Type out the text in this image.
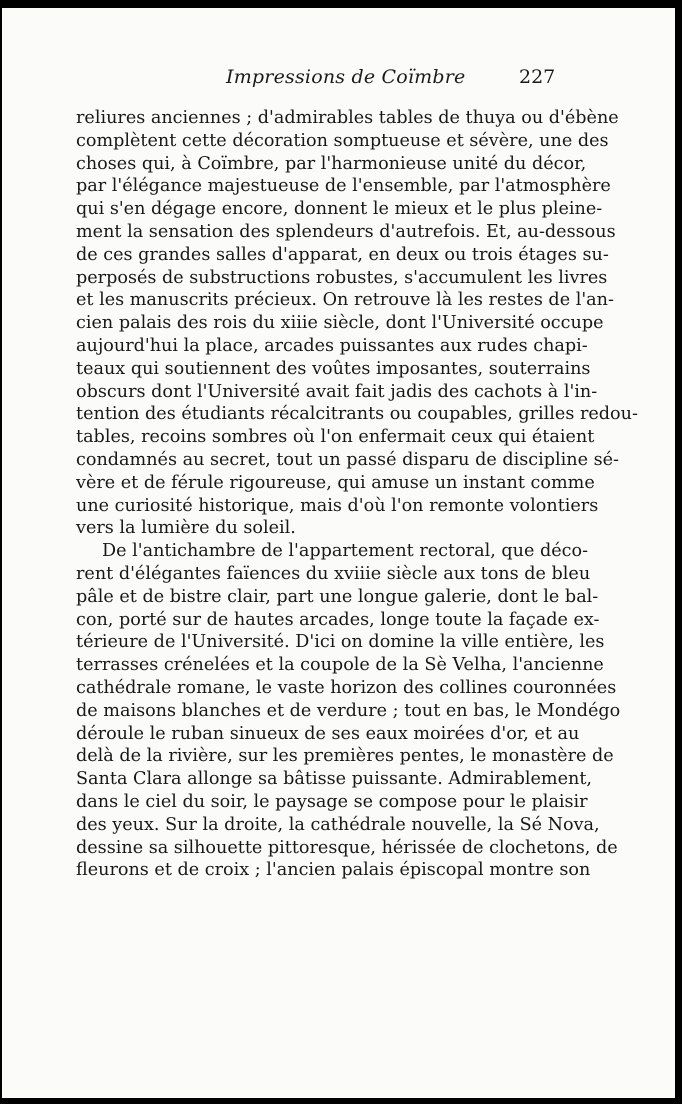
Impressions de Coïmbre	227
reliures anciennes ; d'admirables tables de thuya ou d'ébène
complètent cette décoration somptueuse et sévère, une des
choses qui, à Coïmbre, par l'harmonieuse unité du décor,
par l'élégance majestueuse de l'ensemble, par l'atmosphère
qui s'en dégage encore, donnent le mieux et le plus pleine-
ment la sensation des splendeurs d'autrefois. Et, au-dessous
de ces grandes salles d'apparat, en deux ou trois étages su-
perposés de substructions robustes, s'accumulent les livres
et les manuscrits précieux. On retrouve là les restes de l'an-
cien palais des rois du xiiie siècle, dont l'Université occupe
aujourd'hui la place, arcades puissantes aux rudes chapi-
teaux qui soutiennent des voûtes imposantes, souterrains
obscurs dont l'Université avait fait jadis des cachots à l'in-
tention des étudiants récalcitrants ou coupables, grilles redou-
tables, recoins sombres où l'on enfermait ceux qui étaient
condamnés au secret, tout un passé disparu de discipline sé-
vère et de férule rigoureuse, qui amuse un instant comme
une curiosité historique, mais d'où l'on remonte volontiers
vers la lumière du soleil.
De l'antichambre de l'appartement rectoral, que déco-
rent d'élégantes faïences du xviiie siècle aux tons de bleu
pâle et de bistre clair, part une longue galerie, dont le bal-
con, porté sur de hautes arcades, longe toute la façade ex-
térieure de l'Université. D'ici on domine la ville entière, les
terrasses crénelées et la coupole de la Sè Velha, l'ancienne
cathédrale romane, le vaste horizon des collines couronnées
de maisons blanches et de verdure ; tout en bas, le Mondégo
déroule le ruban sinueux de ses eaux moirées d'or, et au
delà de la rivière, sur les premières pentes, le monastère de
Santa Clara allonge sa bâtisse puissante. Admirablement,
dans le ciel du soir, le paysage se compose pour le plaisir
des yeux. Sur la droite, la cathédrale nouvelle, la Sé Nova,
dessine sa silhouette pittoresque, hérissée de clochetons, de
fleurons et de croix ; l'ancien palais épiscopal montre son
